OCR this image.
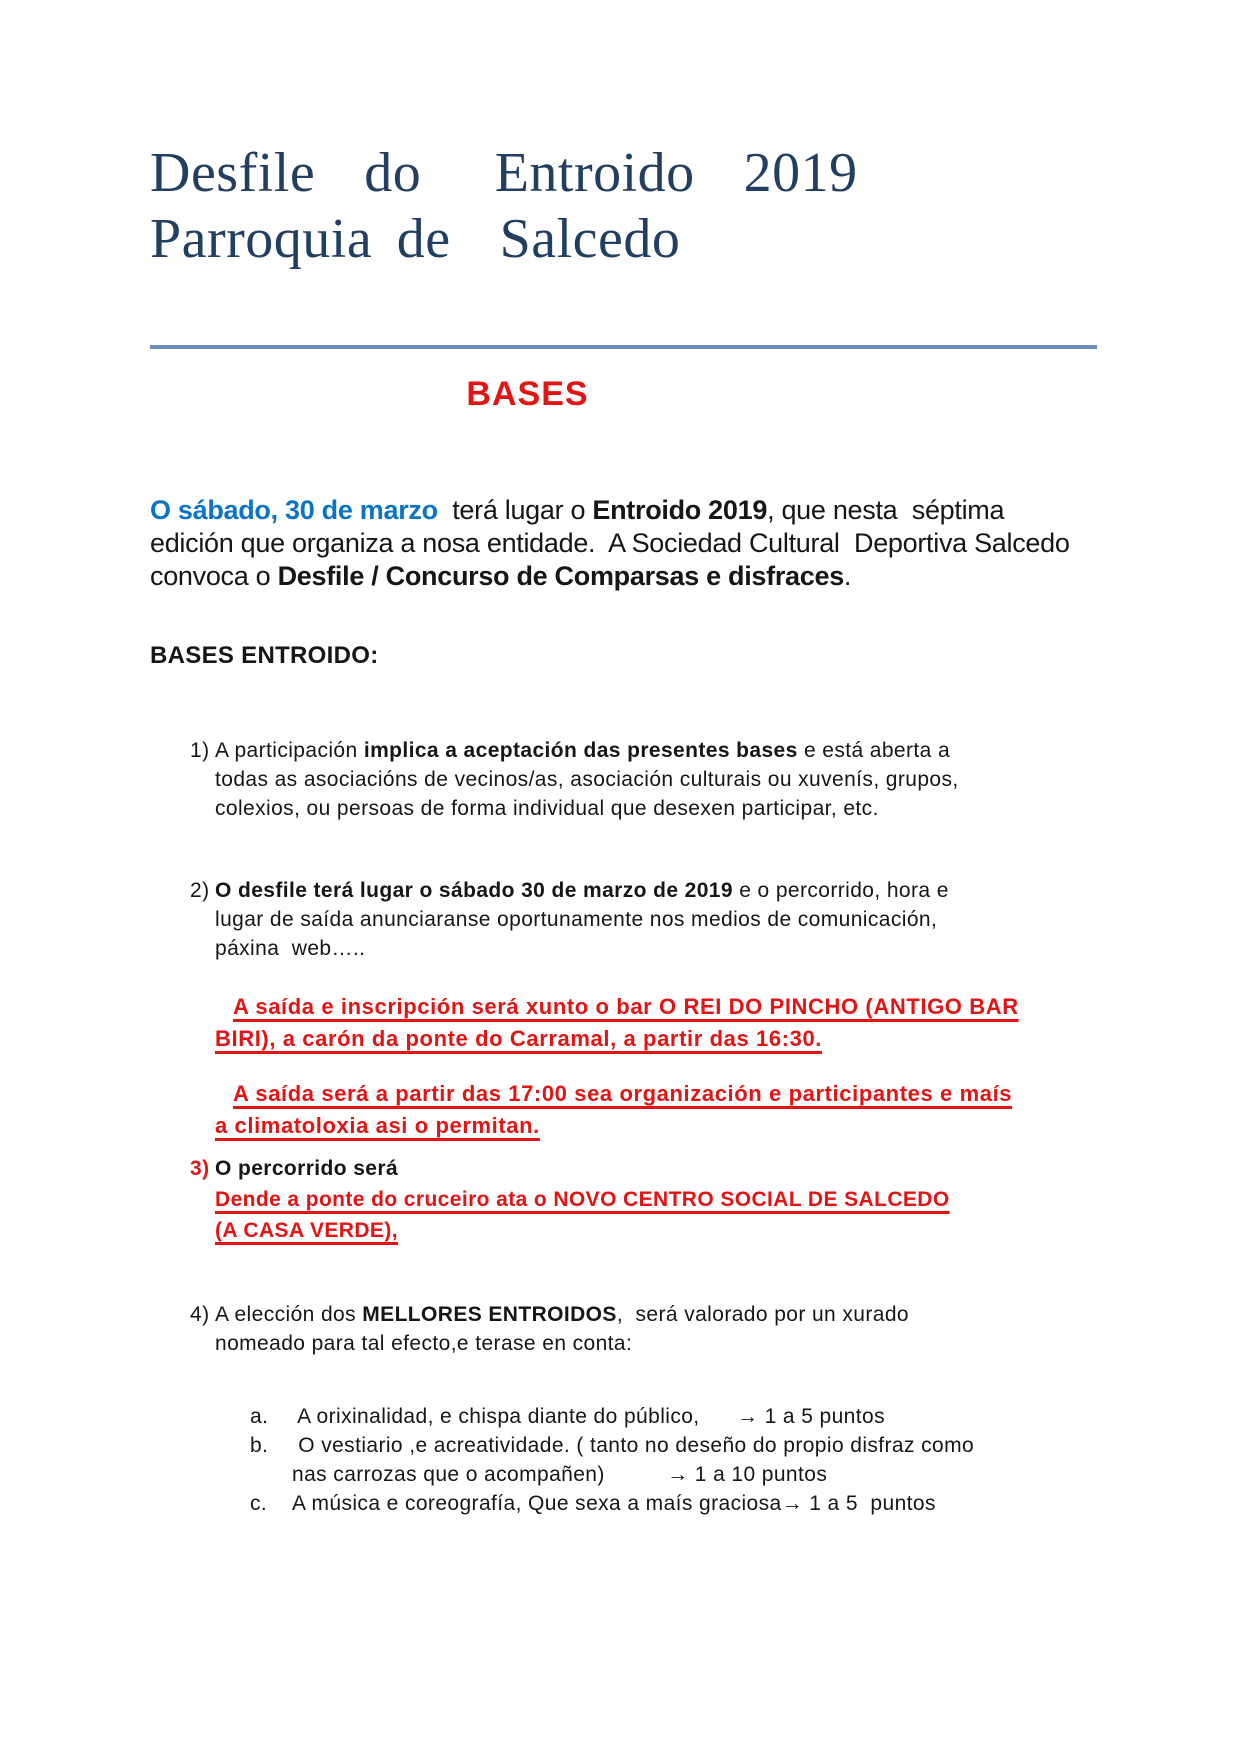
Desfile  do   Entroido  2019
Parroquia de  Salcedo
BASES
O sábado, 30 de marzo  terá lugar o Entroido 2019, que nesta  séptima
edición que organiza a nosa entidade.  A Sociedad Cultural  Deportiva Salcedo
convoca o Desfile / Concurso de Comparsas e disfraces.
BASES ENTROIDO:
1) A participación implica a aceptación das presentes bases e está aberta a
todas as asociacións de vecinos/as, asociación culturais ou xuvenís, grupos,
colexios, ou persoas de forma individual que desexen participar, etc.
2) O desfile terá lugar o sábado 30 de marzo de 2019 e o percorrido, hora e
lugar de saída anunciaranse oportunamente nos medios de comunicación,
páxina  web…..
A saída e inscripción será xunto o bar O REI DO PINCHO (ANTIGO BAR
BIRI), a carón da ponte do Carramal, a partir das 16:30.
A saída será a partir das 17:00 sea organización e participantes e maís
a climatoloxia asi o permitan.
3) O percorrido será
Dende a ponte do cruceiro ata o NOVO CENTRO SOCIAL DE SALCEDO
(A CASA VERDE),
4) A elección dos MELLORES ENTROIDOS,  será valorado por un xurado
nomeado para tal efecto,e terase en conta:
a.	A orixinalidad, e chispa diante do público,      → 1 a 5 puntos
b.	O vestiario ,e acreatividade. ( tanto no deseño do propio disfraz como
nas carrozas que o acompañen)          → 1 a 10 puntos
c.	A música e coreografía, Que sexa a maís graciosa→ 1 a 5  puntos
